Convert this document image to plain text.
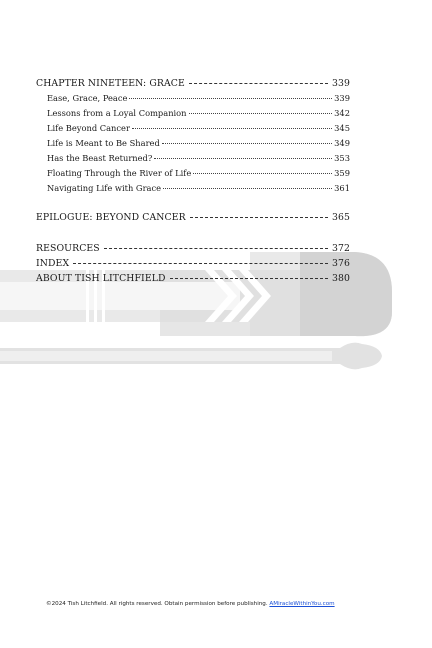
CHAPTER NINETEEN: GRACE	339
Ease, Grace, Peace	339
Lessons from a Loyal Companion	342
Life Beyond Cancer	345
Life is Meant to Be Shared	349
Has the Beast Returned?	353
Floating Through the River of Life	359
Navigating Life with Grace	361
EPILOGUE: BEYOND CANCER	365
RESOURCES	372
INDEX	376
ABOUT TISH LITCHFIELD	380
©2024 Tish Litchfield. All rights reserved. Obtain permission before publishing. AMiracleWithinYou.com
